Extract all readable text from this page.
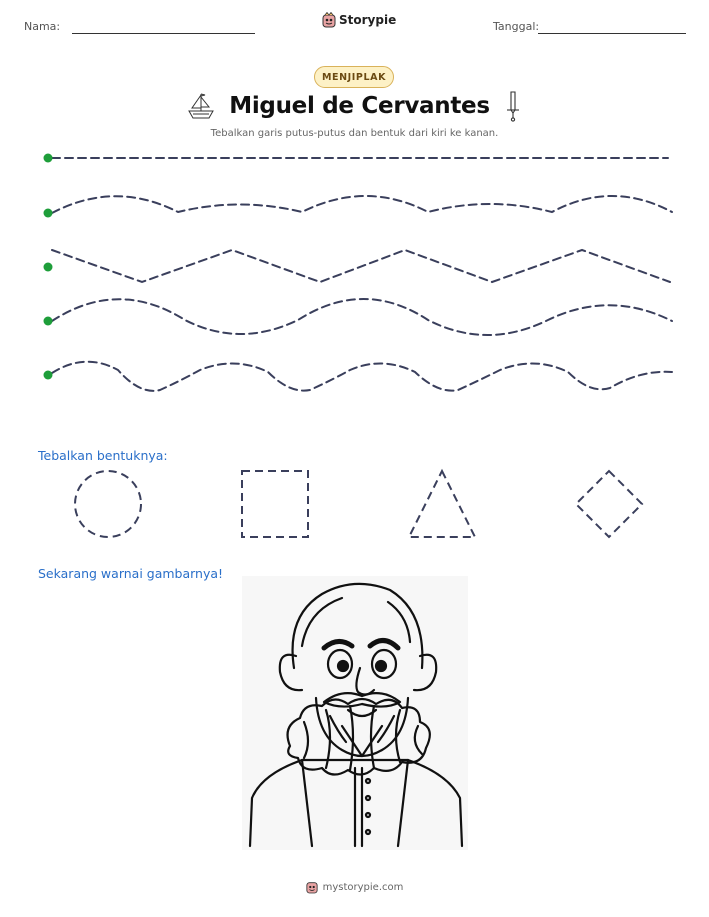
Nama:	Storypie	Tanggal:
MENJIPLAK
Miguel de Cervantes
Tebalkan garis putus-putus dan bentuk dari kiri ke kanan.
Tebalkan bentuknya:
Sekarang warnai gambarnya!
mystorypie.com
